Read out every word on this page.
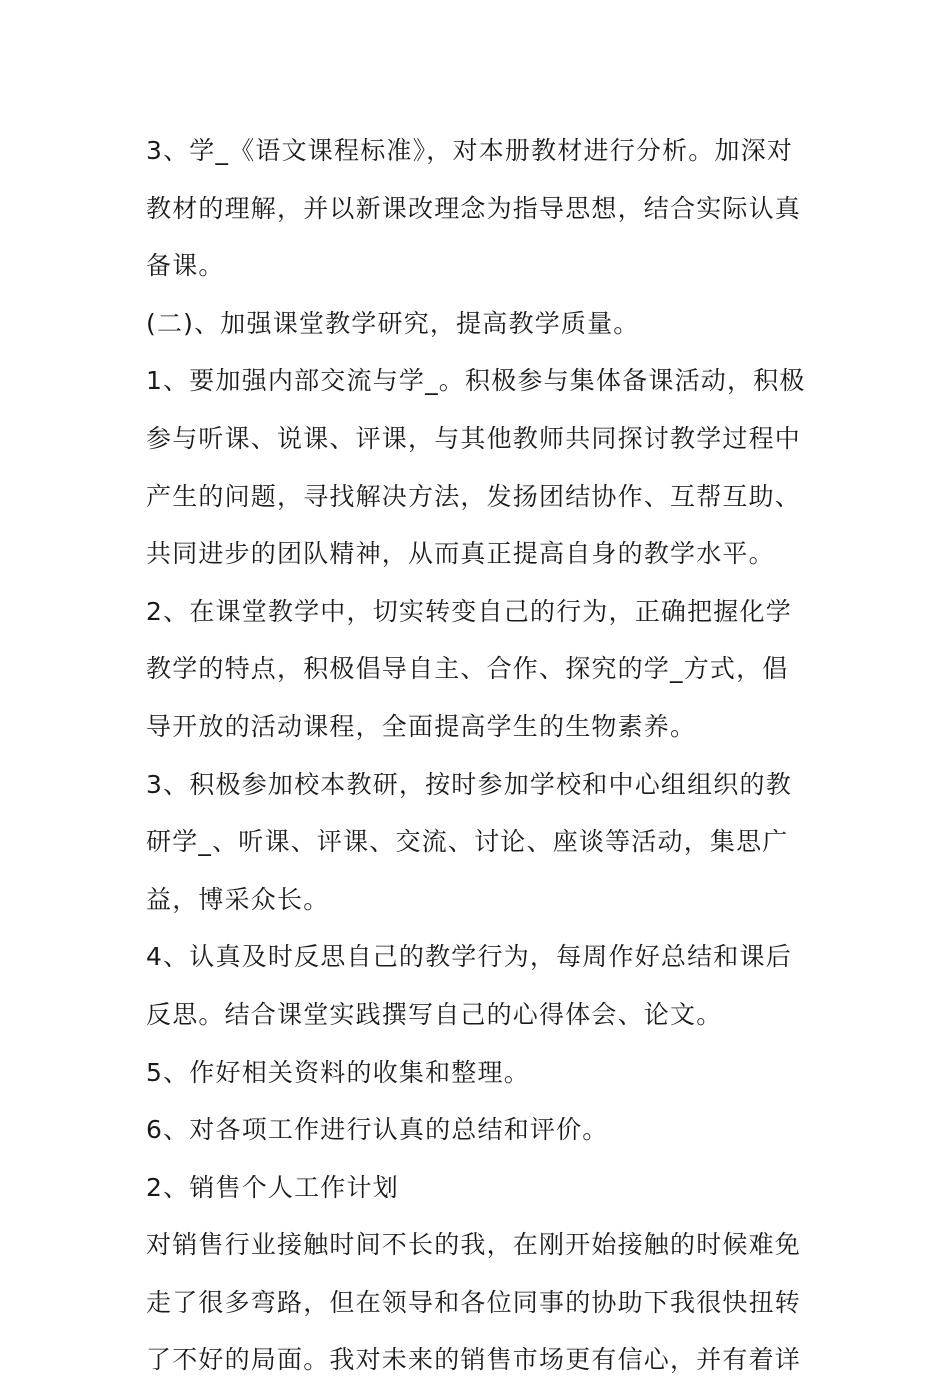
3、学_《语文课程标准》，对本册教材进行分析。加深对教材的理解，并以新课改理念为指导思想，结合实际认真备课。

(二)、加强课堂教学研究，提高教学质量。

1、要加强内部交流与学_。积极参与集体备课活动，积极参与听课、说课、评课，与其他教师共同探讨教学过程中产生的问题，寻找解决方法，发扬团结协作、互帮互助、共同进步的团队精神，从而真正提高自身的教学水平。

2、在课堂教学中，切实转变自己的行为，正确把握化学教学的特点，积极倡导自主、合作、探究的学_方式，倡导开放的活动课程，全面提高学生的生物素养。

3、积极参加校本教研，按时参加学校和中心组组织的教研学_、听课、评课、交流、讨论、座谈等活动，集思广益，博采众长。

4、认真及时反思自己的教学行为，每周作好总结和课后反思。结合课堂实践撰写自己的心得体会、论文。

5、作好相关资料的收集和整理。

6、对各项工作进行认真的总结和评价。

2、销售个人工作计划

对销售行业接触时间不长的我，在刚开始接触的时候难免走了很多弯路，但在领导和各位同事的协助下我很快扭转了不好的局面。我对未来的销售市场更有信心，并有着详
